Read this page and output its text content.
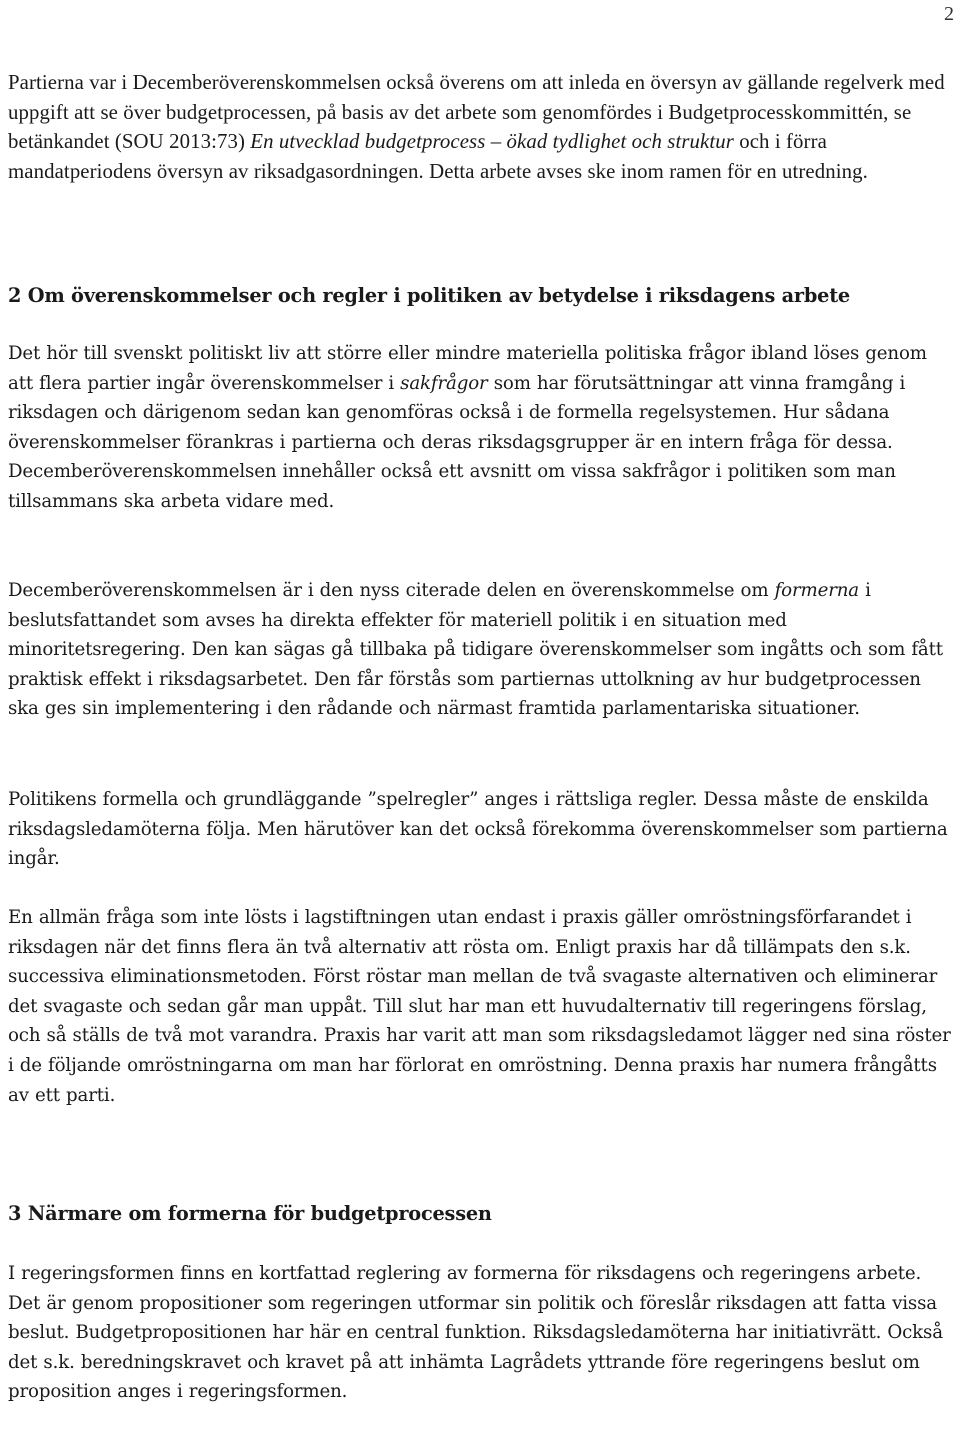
2

Partierna var i Decemberöverenskommelsen också överens om att inleda en översyn av gällande regelverk med uppgift att se över budgetprocessen, på basis av det arbete som genomfördes i Budgetprocesskommittén, se betänkandet (SOU 2013:73) En utvecklad budgetprocess – ökad tydlighet och struktur och i förra mandatperiodens översyn av riksadgasordningen. Detta arbete avses ske inom ramen för en utredning.

2 Om överenskommelser och regler i politiken av betydelse i riksdagens arbete

Det hör till svenskt politiskt liv att större eller mindre materiella politiska frågor ibland löses genom att flera partier ingår överenskommelser i sakfrågor som har förutsättningar att vinna framgång i riksdagen och därigenom sedan kan genomföras också i de formella regelsystemen. Hur sådana överenskommelser förankras i partierna och deras riksdagsgrupper är en intern fråga för dessa. Decemberöverenskommelsen innehåller också ett avsnitt om vissa sakfrågor i politiken som man tillsammans ska arbeta vidare med.

Decemberöverenskommelsen är i den nyss citerade delen en överenskommelse om formerna i beslutsfattandet som avses ha direkta effekter för materiell politik i en situation med minoritetsregering. Den kan sägas gå tillbaka på tidigare överenskommelser som ingåtts och som fått praktisk effekt i riksdagsarbetet. Den får förstås som partiernas uttolkning av hur budgetprocessen ska ges sin implementering i den rådande och närmast framtida parlamentariska situationer.

Politikens formella och grundläggande ”spelregler” anges i rättsliga regler. Dessa måste de enskilda riksdagsledamöterna följa. Men härutöver kan det också förekomma överenskommelser som partierna ingår.

En allmän fråga som inte lösts i lagstiftningen utan endast i praxis gäller omröstningsförfarandet i riksdagen när det finns flera än två alternativ att rösta om. Enligt praxis har då tillämpats den s.k. successiva eliminationsmetoden. Först röstar man mellan de två svagaste alternativen och eliminerar det svagaste och sedan går man uppåt. Till slut har man ett huvudalternativ till regeringens förslag, och så ställs de två mot varandra. Praxis har varit att man som riksdagsledamot lägger ned sina röster i de följande omröstningarna om man har förlorat en omröstning. Denna praxis har numera frångåtts av ett parti.

3 Närmare om formerna för budgetprocessen

I regeringsformen finns en kortfattad reglering av formerna för riksdagens och regeringens arbete. Det är genom propositioner som regeringen utformar sin politik och föreslår riksdagen att fatta vissa beslut. Budgetpropositionen har här en central funktion. Riksdagsledamöterna har initiativrätt. Också det s.k. beredningskravet och kravet på att inhämta Lagrådets yttrande före regeringens beslut om proposition anges i regeringsformen.
